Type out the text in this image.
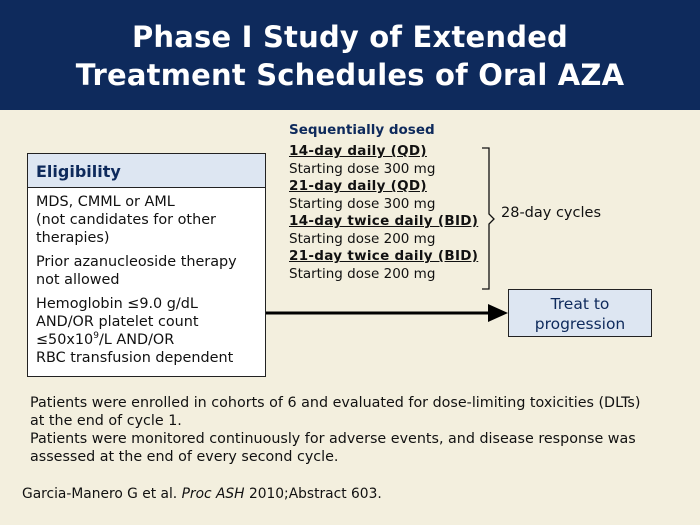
Phase I Study of Extended
Treatment Schedules of Oral AZA
Eligibility
MDS, CMML or AML
(not candidates for other
therapies)
Prior azanucleoside therapy
not allowed
Hemoglobin ≤9.0 g/dL
AND/OR platelet count
$\le 50x10^9/L$ AND/OR
RBC transfusion dependent
Sequentially dosed
14-day daily (QD)
Starting dose 300 mg
21-day daily (QD)
Starting dose 300 mg
14-day twice daily (BID)
Starting dose 200 mg
21-day twice daily (BID)
Starting dose 200 mg
28-day cycles
Treat to
progression
Patients were enrolled in cohorts of 6 and evaluated for dose-limiting toxicities (DLTs)
at the end of cycle 1.
Patients were monitored continuously for adverse events, and disease response was
assessed at the end of every second cycle.
Garcia-Manero G et al. Proc ASH 2010;Abstract 603.
